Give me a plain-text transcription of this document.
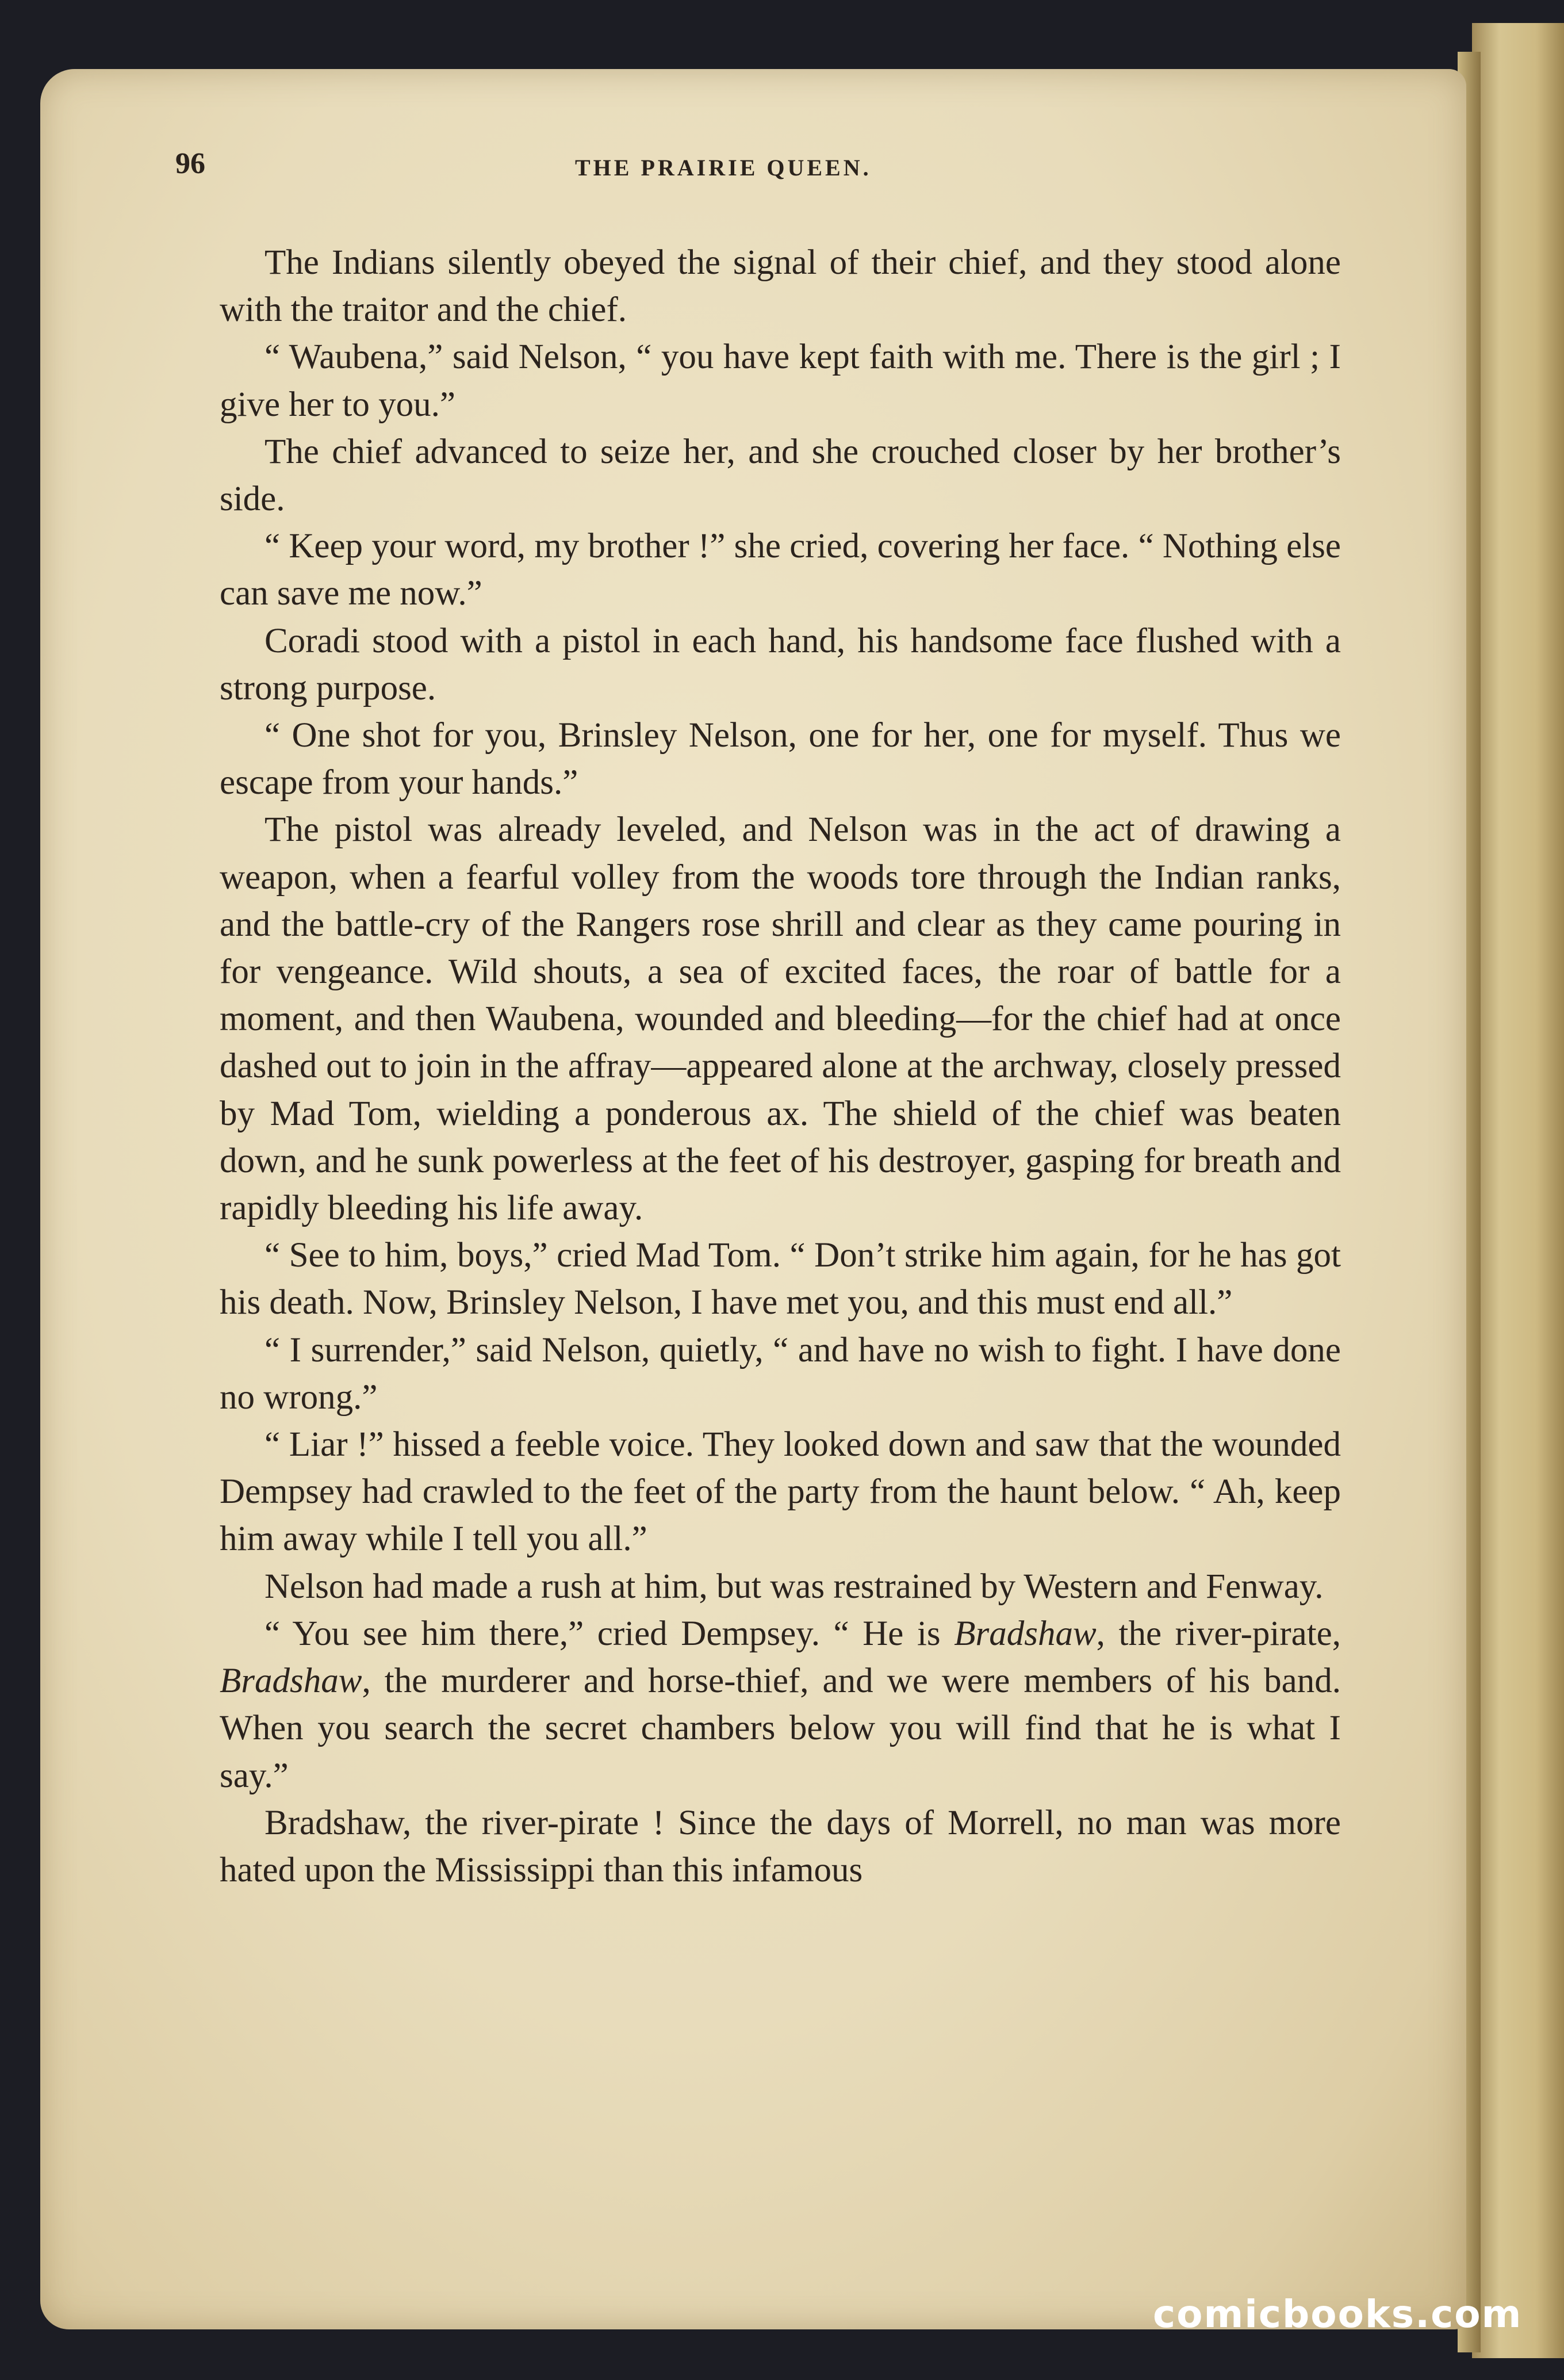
96	THE PRAIRIE QUEEN.

The Indians silently obeyed the signal of their chief, and they stood alone with the traitor and the chief.

“ Waubena,” said Nelson, “ you have kept faith with me. There is the girl ; I give her to you.”

The chief advanced to seize her, and she crouched closer by her brother’s side.

“ Keep your word, my brother !” she cried, covering her face. “ Nothing else can save me now.”

Coradi stood with a pistol in each hand, his handsome face flushed with a strong purpose.

“ One shot for you, Brinsley Nelson, one for her, one for myself. Thus we escape from your hands.”

The pistol was already leveled, and Nelson was in the act of drawing a weapon, when a fearful volley from the woods tore through the Indian ranks, and the battle-cry of the Rangers rose shrill and clear as they came pouring in for vengeance. Wild shouts, a sea of excited faces, the roar of battle for a moment, and then Waubena, wounded and bleeding—for the chief had at once dashed out to join in the affray—appeared alone at the archway, closely pressed by Mad Tom, wielding a ponderous ax. The shield of the chief was beaten down, and he sunk powerless at the feet of his destroyer, gasping for breath and rapidly bleeding his life away.

“ See to him, boys,” cried Mad Tom. “ Don’t strike him again, for he has got his death. Now, Brinsley Nelson, I have met you, and this must end all.”

“ I surrender,” said Nelson, quietly, “ and have no wish to fight. I have done no wrong.”

“ Liar !” hissed a feeble voice. They looked down and saw that the wounded Dempsey had crawled to the feet of the party from the haunt below. “ Ah, keep him away while I tell you all.”

Nelson had made a rush at him, but was restrained by Western and Fenway.

“ You see him there,” cried Dempsey. “ He is Bradshaw, the river-pirate, Bradshaw, the murderer and horse-thief, and we were members of his band. When you search the secret chambers below you will find that he is what I say.”

Bradshaw, the river-pirate ! Since the days of Morrell, no man was more hated upon the Mississippi than this infamous

comicbooks.com
